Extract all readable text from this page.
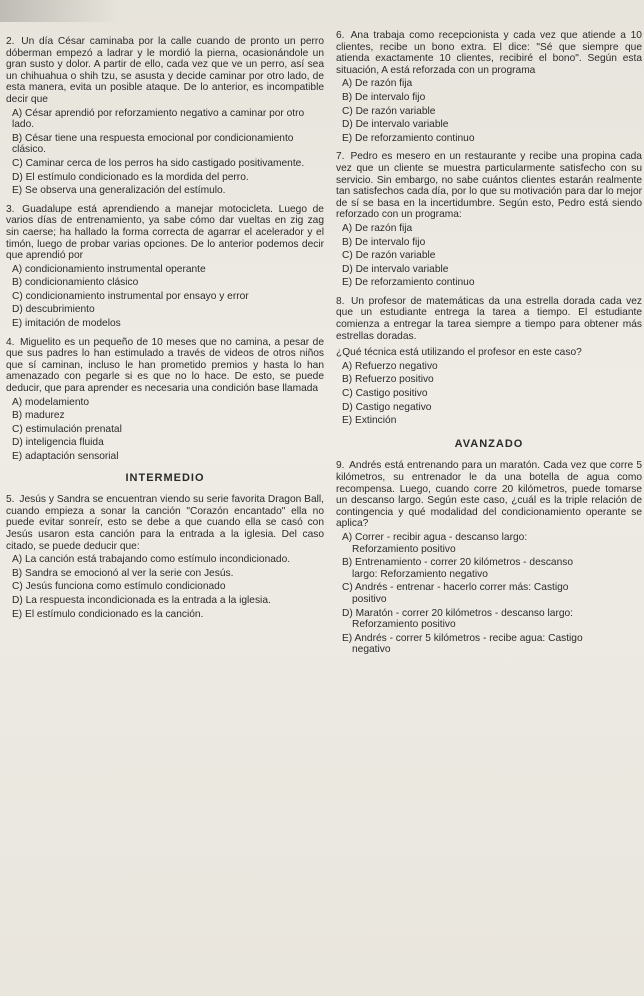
2. Un día César caminaba por la calle cuando de pronto un perro dóberman empezó a ladrar y le mordió la pierna, ocasionándole un gran susto y dolor. A partir de ello, cada vez que ve un perro, así sea un chihuahua o shih tzu, se asusta y decide caminar por otro lado, de esta manera, evita un posible ataque. De lo anterior, es incompatible decir que
A) César aprendió por reforzamiento negativo a caminar por otro lado.
B) César tiene una respuesta emocional por condicionamiento clásico.
C) Caminar cerca de los perros ha sido castigado positivamente.
D) El estímulo condicionado es la mordida del perro.
E) Se observa una generalización del estímulo.
3. Guadalupe está aprendiendo a manejar motocicleta. Luego de varios días de entrenamiento, ya sabe cómo dar vueltas en zig zag sin caerse; ha hallado la forma correcta de agarrar el acelerador y el timón, luego de probar varias opciones. De lo anterior podemos decir que aprendió por
A) condicionamiento instrumental operante
B) condicionamiento clásico
C) condicionamiento instrumental por ensayo y error
D) descubrimiento
E) imitación de modelos
4. Miguelito es un pequeño de 10 meses que no camina, a pesar de que sus padres lo han estimulado a través de videos de otros niños que sí caminan, incluso le han prometido premios y hasta lo han amenazado con pegarle si es que no lo hace. De esto, se puede deducir, que para aprender es necesaria una condición base llamada
A) modelamiento
B) madurez
C) estimulación prenatal
D) inteligencia fluida
E) adaptación sensorial
INTERMEDIO
5. Jesús y Sandra se encuentran viendo su serie favorita Dragon Ball, cuando empieza a sonar la canción "Corazón encantado" ella no puede evitar sonreír, esto se debe a que cuando ella se casó con Jesús usaron esta canción para la entrada a la iglesia. Del caso citado, se puede deducir que:
A) La canción está trabajando como estímulo incondicionado.
B) Sandra se emocionó al ver la serie con Jesús.
C) Jesús funciona como estímulo condicionado
D) La respuesta incondicionada es la entrada a la iglesia.
E) El estímulo condicionado es la canción.
6. Ana trabaja como recepcionista y cada vez que atiende a 10 clientes, recibe un bono extra. El dice: "Sé que siempre que atienda exactamente 10 clientes, recibiré el bono". Según esta situación, A está reforzada con un programa
A) De razón fija
B) De intervalo fijo
C) De razón variable
D) De intervalo variable
E) De reforzamiento continuo
7. Pedro es mesero en un restaurante y recibe una propina cada vez que un cliente se muestra particularmente satisfecho con su servicio. Sin embargo, no sabe cuántos clientes estarán realmente tan satisfechos cada día, por lo que su motivación para dar lo mejor de sí se basa en la incertidumbre. Según esto, Pedro está siendo reforzado con un programa:
A) De razón fija
B) De intervalo fijo
C) De razón variable
D) De intervalo variable
E) De reforzamiento continuo
8. Un profesor de matemáticas da una estrella dorada cada vez que un estudiante entrega la tarea a tiempo. El estudiante comienza a entregar la tarea siempre a tiempo para obtener más estrellas doradas.
¿Qué técnica está utilizando el profesor en este caso?
A) Refuerzo negativo
B) Refuerzo positivo
C) Castigo positivo
D) Castigo negativo
E) Extinción
AVANZADO
9. Andrés está entrenando para un maratón. Cada vez que corre 5 kilómetros, su entrenador le da una botella de agua como recompensa. Luego, cuando corre 20 kilómetros, puede tomarse un descanso largo. Según este caso, ¿cuál es la triple relación de contingencia y qué modalidad del condicionamiento operante se aplica?
A) Correr - recibir agua - descanso largo:
Reforzamiento positivo
B) Entrenamiento - correr 20 kilómetros - descanso
largo: Reforzamiento negativo
C) Andrés - entrenar - hacerlo correr más: Castigo
positivo
D) Maratón - correr 20 kilómetros - descanso largo:
Reforzamiento positivo
E) Andrés - correr 5 kilómetros - recibe agua: Castigo
negativo
